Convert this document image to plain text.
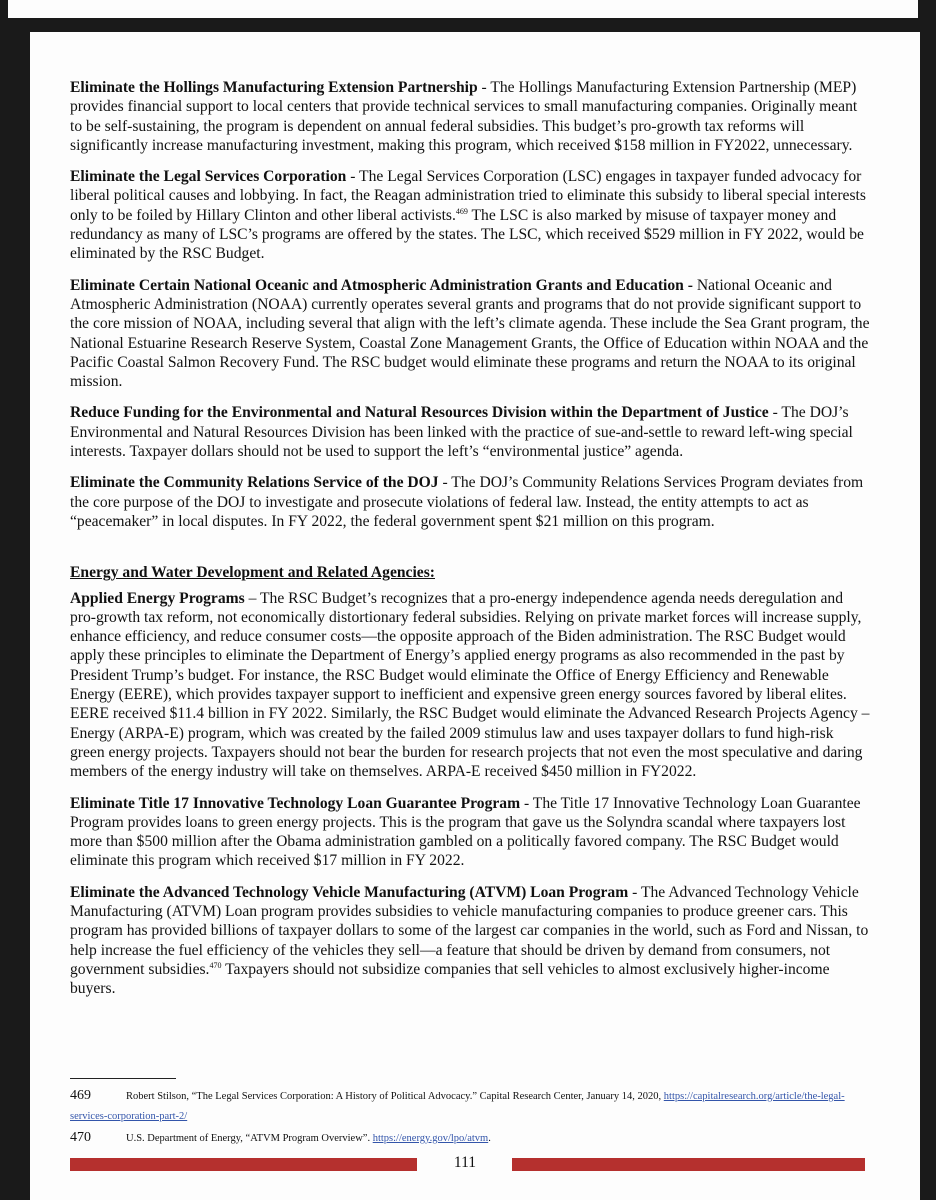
Eliminate the Hollings Manufacturing Extension Partnership - The Hollings Manufacturing Extension Partnership (MEP) provides financial support to local centers that provide technical services to small manufacturing companies. Originally meant to be self-sustaining, the program is dependent on annual federal subsidies. This budget’s pro-growth tax reforms will significantly increase manufacturing investment, making this program, which received $158 million in FY2022, unnecessary.

Eliminate the Legal Services Corporation - The Legal Services Corporation (LSC) engages in taxpayer funded advocacy for liberal political causes and lobbying. In fact, the Reagan administration tried to eliminate this subsidy to liberal special interests only to be foiled by Hillary Clinton and other liberal activists.$^{469}$ The LSC is also marked by misuse of taxpayer money and redundancy as many of LSC’s programs are offered by the states. The LSC, which received $529 million in FY 2022, would be eliminated by the RSC Budget.

Eliminate Certain National Oceanic and Atmospheric Administration Grants and Education - National Oceanic and Atmospheric Administration (NOAA) currently operates several grants and programs that do not provide significant support to the core mission of NOAA, including several that align with the left’s climate agenda. These include the Sea Grant program, the National Estuarine Research Reserve System, Coastal Zone Management Grants, the Office of Education within NOAA and the Pacific Coastal Salmon Recovery Fund. The RSC budget would eliminate these programs and return the NOAA to its original mission.

Reduce Funding for the Environmental and Natural Resources Division within the Department of Justice - The DOJ’s Environmental and Natural Resources Division has been linked with the practice of sue-and-settle to reward left-wing special interests. Taxpayer dollars should not be used to support the left’s “environmental justice” agenda.

Eliminate the Community Relations Service of the DOJ - The DOJ’s Community Relations Services Program deviates from the core purpose of the DOJ to investigate and prosecute violations of federal law. Instead, the entity attempts to act as “peacemaker” in local disputes. In FY 2022, the federal government spent $21 million on this program.

Energy and Water Development and Related Agencies:

Applied Energy Programs – The RSC Budget’s recognizes that a pro-energy independence agenda needs deregulation and pro-growth tax reform, not economically distortionary federal subsidies. Relying on private market forces will increase supply, enhance efficiency, and reduce consumer costs—the opposite approach of the Biden administration. The RSC Budget would apply these principles to eliminate the Department of Energy’s applied energy programs as also recommended in the past by President Trump’s budget. For instance, the RSC Budget would eliminate the Office of Energy Efficiency and Renewable Energy (EERE), which provides taxpayer support to inefficient and expensive green energy sources favored by liberal elites. EERE received $11.4 billion in FY 2022. Similarly, the RSC Budget would eliminate the Advanced Research Projects Agency – Energy (ARPA-E) program, which was created by the failed 2009 stimulus law and uses taxpayer dollars to fund high-risk green energy projects. Taxpayers should not bear the burden for research projects that not even the most speculative and daring members of the energy industry will take on themselves. ARPA-E received $450 million in FY2022.

Eliminate Title 17 Innovative Technology Loan Guarantee Program - The Title 17 Innovative Technology Loan Guarantee Program provides loans to green energy projects. This is the program that gave us the Solyndra scandal where taxpayers lost more than $500 million after the Obama administration gambled on a politically favored company. The RSC Budget would eliminate this program which received $17 million in FY 2022.

Eliminate the Advanced Technology Vehicle Manufacturing (ATVM) Loan Program - The Advanced Technology Vehicle Manufacturing (ATVM) Loan program provides subsidies to vehicle manufacturing companies to produce greener cars. This program has provided billions of taxpayer dollars to some of the largest car companies in the world, such as Ford and Nissan, to help increase the fuel efficiency of the vehicles they sell—a feature that should be driven by demand from consumers, not government subsidies.$^{470}$ Taxpayers should not subsidize companies that sell vehicles to almost exclusively higher-income buyers.

469	Robert Stilson, “The Legal Services Corporation: A History of Political Advocacy.” Capital Research Center, January 14, 2020, https://capitalresearch.org/article/the-legal-services-corporation-part-2/
470	U.S. Department of Energy, “ATVM Program Overview”. https://energy.gov/lpo/atvm.
111
